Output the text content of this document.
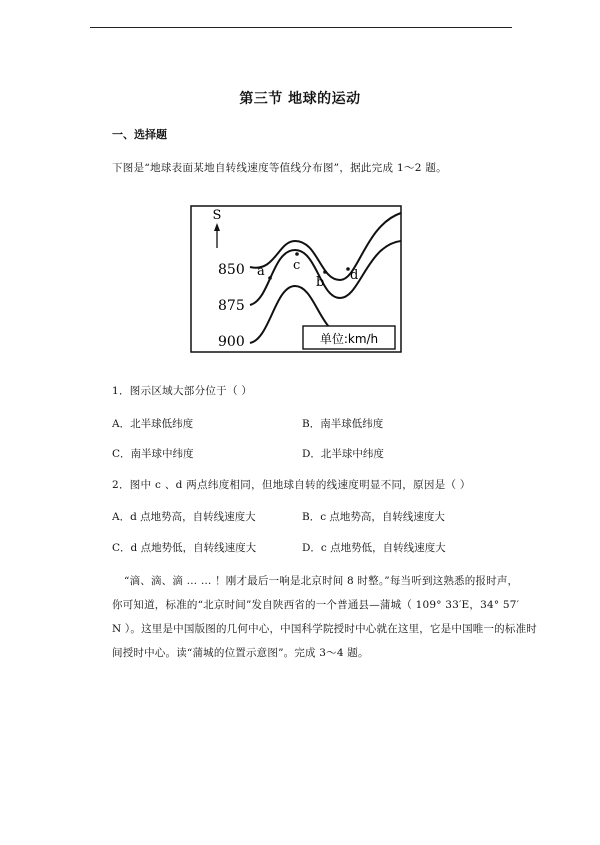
第三节 地球的运动
一、选择题
下图是“地球表面某地自转线速度等值线分布图”，据此完成 1～2 题。
S
850
875
900
a c
b d
单位:km/h
1．图示区域大部分位于（ ）
A．北半球低纬度	B．南半球低纬度
C．南半球中纬度	D．北半球中纬度
2．图中 c 、d 两点纬度相同，但地球自转的线速度明显不同，原因是（ ）
A．d 点地势高，自转线速度大	B．c 点地势高，自转线速度大
C．d 点地势低，自转线速度大	D．c 点地势低，自转线速度大
“滴、滴、滴 … … ！刚才最后一响是北京时间 8 时整。”每当听到这熟悉的报时声，
你可知道，标准的“北京时间”发自陕西省的一个普通县—蒲城（ 109° 33′E，34° 57′
N ）。这里是中国版图的几何中心，中国科学院授时中心就在这里，它是中国唯一的标准时
间授时中心。读“蒲城的位置示意图”。完成 3～4 题。
